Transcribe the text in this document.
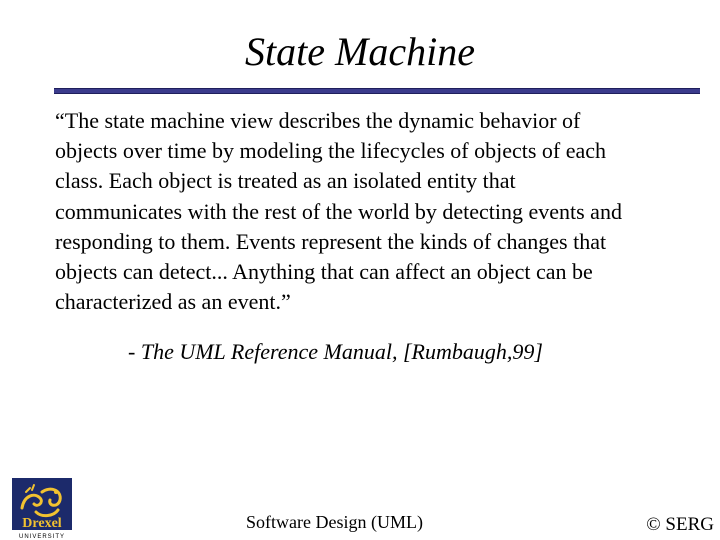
State Machine

“The state machine view describes the dynamic behavior of
objects over time by modeling the lifecycles of objects of each
class. Each object is treated as an isolated entity that
communicates with the rest of the world by detecting events and
responding to them. Events represent the kinds of changes that
objects can detect... Anything that can affect an object can be
characterized as an event.”

- The UML Reference Manual, [Rumbaugh,99]
Drexel
UNIVERSITY
Software Design (UML)	© SERG
